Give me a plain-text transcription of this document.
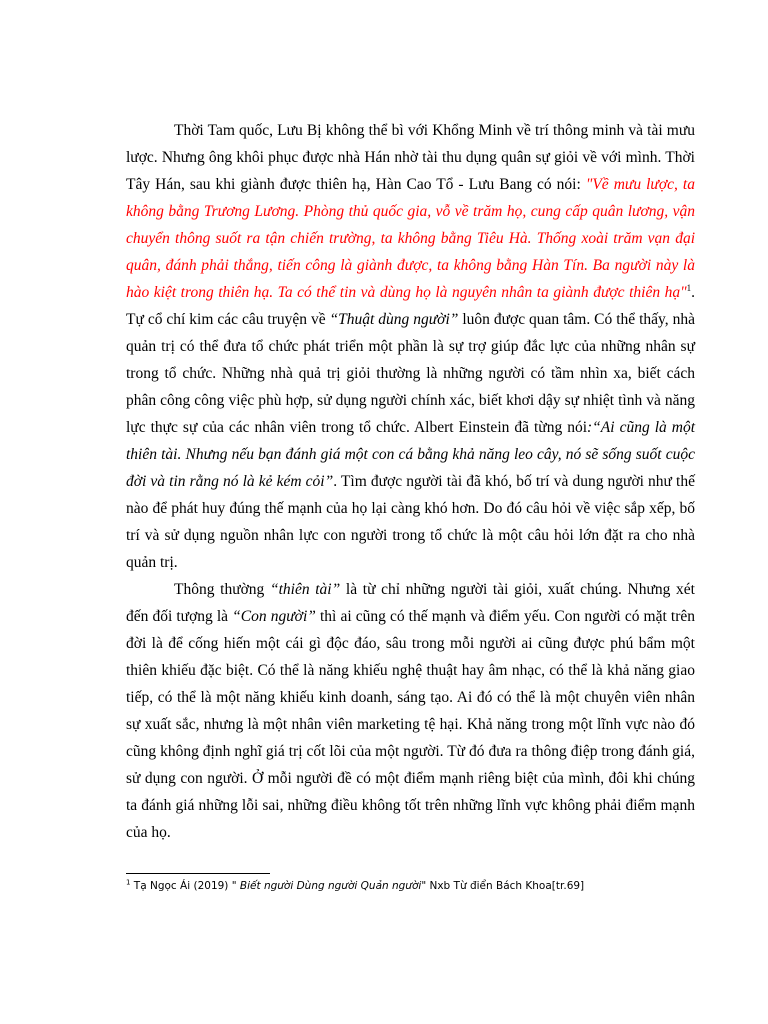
Thời Tam quốc, Lưu Bị không thể bì với Khổng Minh về trí thông minh và tài mưu lược. Nhưng ông khôi phục được nhà Hán nhờ tài thu dụng quân sự giỏi về với mình. Thời Tây Hán, sau khi giành được thiên hạ, Hàn Cao Tổ - Lưu Bang có nói: "Về mưu lược, ta không bằng Trương Lương. Phòng thủ quốc gia, vỗ về trăm họ, cung cấp quân lương, vận chuyển thông suốt ra tận chiến trường, ta không bằng Tiêu Hà. Thống xoài trăm vạn đại quân, đánh phải thắng, tiến công là giành được, ta không bằng Hàn Tín. Ba người này là hào kiệt trong thiên hạ. Ta có thể tin và dùng họ là nguyên nhân ta giành được thiên hạ"$^1$. Tự cổ chí kim các câu truyện về “Thuật dùng người” luôn được quan tâm. Có thể thấy, nhà quản trị có thể đưa tổ chức phát triển một phần là sự trợ giúp đắc lực của những nhân sự trong tổ chức. Những nhà quả trị giỏi thường là những người có tầm nhìn xa, biết cách phân công công việc phù hợp, sử dụng người chính xác, biết khơi dậy sự nhiệt tình và năng lực thực sự của các nhân viên trong tổ chức. Albert Einstein đã từng nói:“Ai cũng là một thiên tài. Nhưng nếu bạn đánh giá một con cá bằng khả năng leo cây, nó sẽ sống suốt cuộc đời và tin rằng nó là kẻ kém cỏi”. Tìm được người tài đã khó, bố trí và dung người như thế nào để phát huy đúng thế mạnh của họ lại càng khó hơn. Do đó câu hỏi về việc sắp xếp, bố trí và sử dụng nguồn nhân lực con người trong tổ chức là một câu hỏi lớn đặt ra cho nhà quản trị.

Thông thường “thiên tài” là từ chỉ những người tài giỏi, xuất chúng. Nhưng xét đến đối tượng là “Con người” thì ai cũng có thế mạnh và điểm yếu. Con người có mặt trên đời là để cống hiến một cái gì độc đáo, sâu trong mỗi người ai cũng được phú bẩm một thiên khiếu đặc biệt. Có thể là năng khiếu nghệ thuật hay âm nhạc, có thể là khả năng giao tiếp, có thể là một năng khiếu kinh doanh, sáng tạo. Ai đó có thể là một chuyên viên nhân sự xuất sắc, nhưng là một nhân viên marketing tệ hại. Khả năng trong một lĩnh vực nào đó cũng không định nghĩ giá trị cốt lõi của một người. Từ đó đưa ra thông điệp trong đánh giá, sử dụng con người. Ở mỗi người đề có một điểm mạnh riêng biệt của mình, đôi khi chúng ta đánh giá những lỗi sai, những điều không tốt trên những lĩnh vực không phải điểm mạnh của họ.

$^1$ Tạ Ngọc Ái (2019) " Biết người Dùng người Quản người" Nxb Từ điển Bách Khoa[tr.69]
